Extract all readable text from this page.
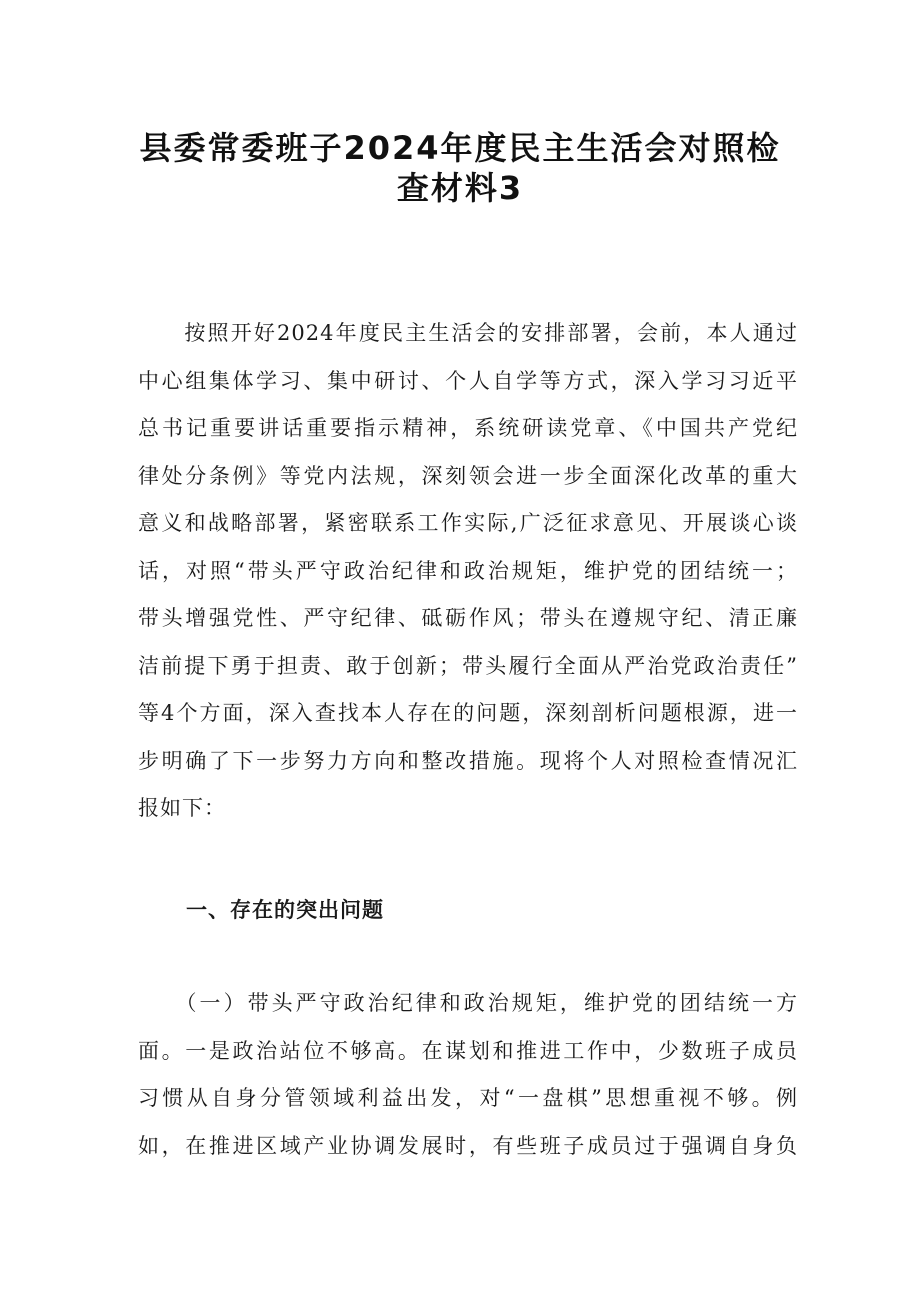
县委常委班子2024年度民主生活会对照检
查材料3
　　按照开好2024年度民主生活会的安排部署，会前，本人通过
中心组集体学习、集中研讨、个人自学等方式，深入学习习近平
总书记重要讲话重要指示精神，系统研读党章、《中国共产党纪
律处分条例》等党内法规，深刻领会进一步全面深化改革的重大
意义和战略部署，紧密联系工作实际,广泛征求意见、开展谈心谈
话，对照“带头严守政治纪律和政治规矩，维护党的团结统一；
带头增强党性、严守纪律、砥砺作风；带头在遵规守纪、清正廉
洁前提下勇于担责、敢于创新；带头履行全面从严治党政治责任”
等4个方面，深入查找本人存在的问题，深刻剖析问题根源，进一
步明确了下一步努力方向和整改措施。现将个人对照检查情况汇
报如下：
一、存在的突出问题
　　（一）带头严守政治纪律和政治规矩，维护党的团结统一方
面。一是政治站位不够高。在谋划和推进工作中，少数班子成员
习惯从自身分管领域利益出发，对“一盘棋”思想重视不够。例
如，在推进区域产业协调发展时，有些班子成员过于强调自身负
